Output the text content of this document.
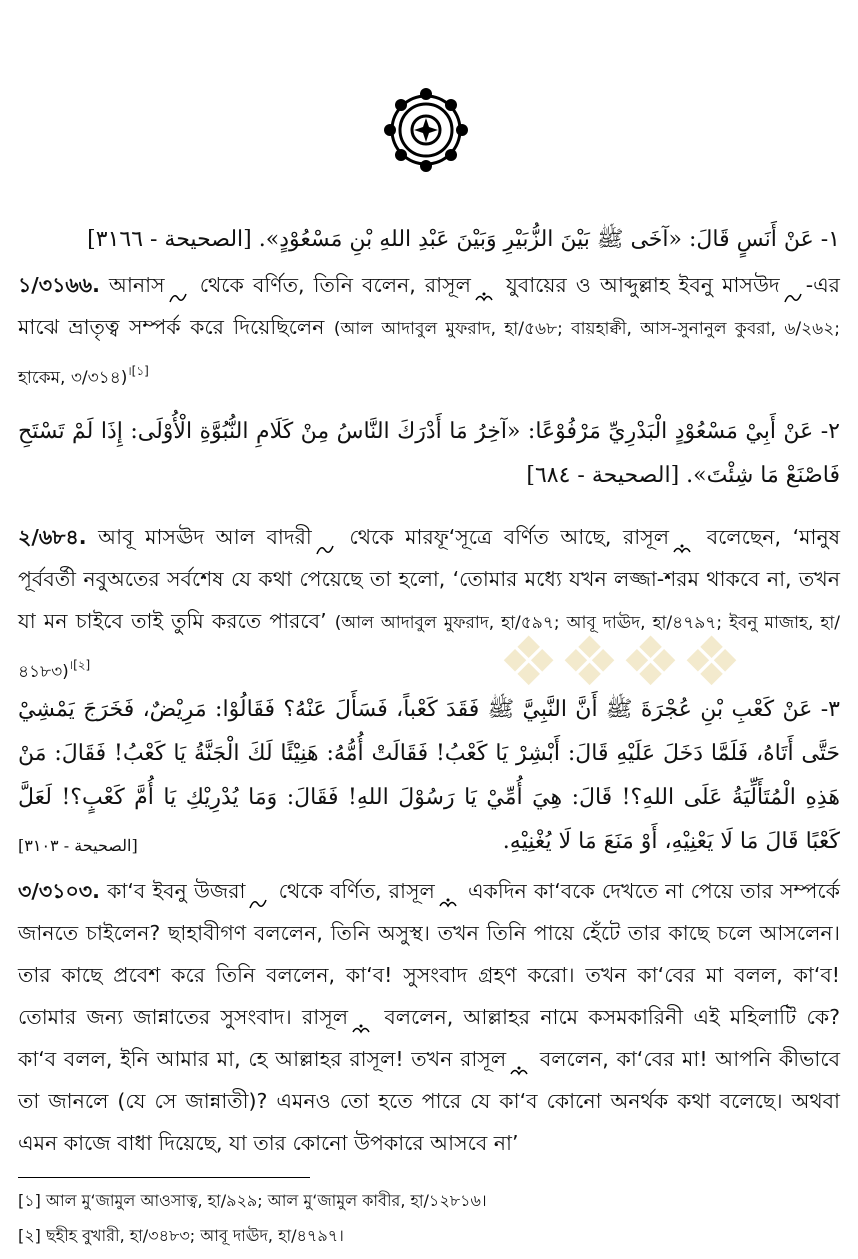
❖❖❖❖
١- عَنْ أَنَسٍ قَالَ: «آخَى ﷺ بَيْنَ الزُّبَيْرِ وَبَيْنَ عَبْدِ اللهِ بْنِ مَسْعُوْدٍ». [الصحيحة - ٣١٦٦]
১/৩১৬৬. আনাস থেকে বর্ণিত, তিনি বলেন, রাসূল যুবায়ের ও আব্দুল্লাহ ইবনু মাসউদ -এর মাঝে ভ্রাতৃত্ব সম্পর্ক করে দিয়েছিলেন (আল আদাবুল মুফরাদ, হা/৫৬৮; বায়হাক্বী, আস-সুনানুল কুবরা, ৬/২৬২; হাকেম, ৩/৩১৪)$^{।[১]}$
٢- عَنْ أَبِيْ مَسْعُوْدٍ الْبَدْرِيِّ مَرْفُوْعًا: «آخِرُ مَا أَدْرَكَ النَّاسُ مِنْ كَلَامِ النُّبُوَّةِ الْأُوْلَى: إِذَا لَمْ تَسْتَحِ فَاصْنَعْ مَا شِئْتَ». [الصحيحة - ٦٨٤]
২/৬৮৪. আবূ মাসঊদ আল বাদরী থেকে মারফূ‘সূত্রে বর্ণিত আছে, রাসূল বলেছেন, ‘মানুষ পূর্ববর্তী নবুঅতের সর্বশেষ যে কথা পেয়েছে তা হলো, ‘তোমার মধ্যে যখন লজ্জা-শরম থাকবে না, তখন যা মন চাইবে তাই তুমি করতে পারবে’ (আল আদাবুল মুফরাদ, হা/৫৯৭; আবূ দাঊদ, হা/৪৭৯৭; ইবনু মাজাহ, হা/৪১৮৩)$^{।[২]}$
٣- عَنْ كَعْبِ بْنِ عُجْرَةَ ﷺ أَنَّ النَّبِيَّ ﷺ فَقَدَ كَعْباً، فَسَأَلَ عَنْهُ؟ فَقَالُوْا: مَرِيْضٌ، فَخَرَجَ يَمْشِيْ حَتَّى أَتَاهُ، فَلَمَّا دَخَلَ عَلَيْهِ قَالَ: أَبْشِرْ يَا كَعْبُ! فَقَالَتْ أُمُّهُ: هَنِيْئًا لَكَ الْجَنَّةُ يَا كَعْبُ! فَقَالَ: مَنْ هَذِهِ الْمُتَأَلِّيَةُ عَلَى اللهِ؟! قَالَ: هِيَ أُمِّيْ يَا رَسُوْلَ اللهِ! فَقَالَ: وَمَا يُدْرِيْكِ يَا أُمَّ كَعْبٍ؟! لَعَلَّ كَعْبًا قَالَ مَا لَا يَعْنِيْهِ، أَوْ مَنَعَ مَا لَا يُغْنِيْهِ.
[الصحيحة - ٣١٠٣]
৩/৩১০৩. কা‘ব ইবনু উজরা থেকে বর্ণিত, রাসূল একদিন কা‘বকে দেখতে না পেয়ে তার সম্পর্কে জানতে চাইলেন? ছাহাবীগণ বললেন, তিনি অসুস্থ। তখন তিনি পায়ে হেঁটে তার কাছে চলে আসলেন। তার কাছে প্রবেশ করে তিনি বললেন, কা‘ব! সুসংবাদ গ্রহণ করো। তখন কা‘বের মা বলল, কা‘ব! তোমার জন্য জান্নাতের সুসংবাদ। রাসূল বললেন, আল্লাহর নামে কসমকারিনী এই মহিলাটি কে? কা‘ব বলল, ইনি আমার মা, হে আল্লাহর রাসূল! তখন রাসূল বললেন, কা‘বের মা! আপনি কীভাবে তা জানলে (যে সে জান্নাতী)? এমনও তো হতে পারে যে কা‘ব কোনো অনর্থক কথা বলেছে। অথবা এমন কাজে বাধা দিয়েছে, যা তার কোনো উপকারে আসবে না’
[১] আল মু‘জামুল আওসাত্ব, হা/৯২৯; আল মু‘জামুল কাবীর, হা/১২৮১৬।
[২] ছহীহ বুখারী, হা/৩৪৮৩; আবূ দাঊদ, হা/৪৭৯৭।
